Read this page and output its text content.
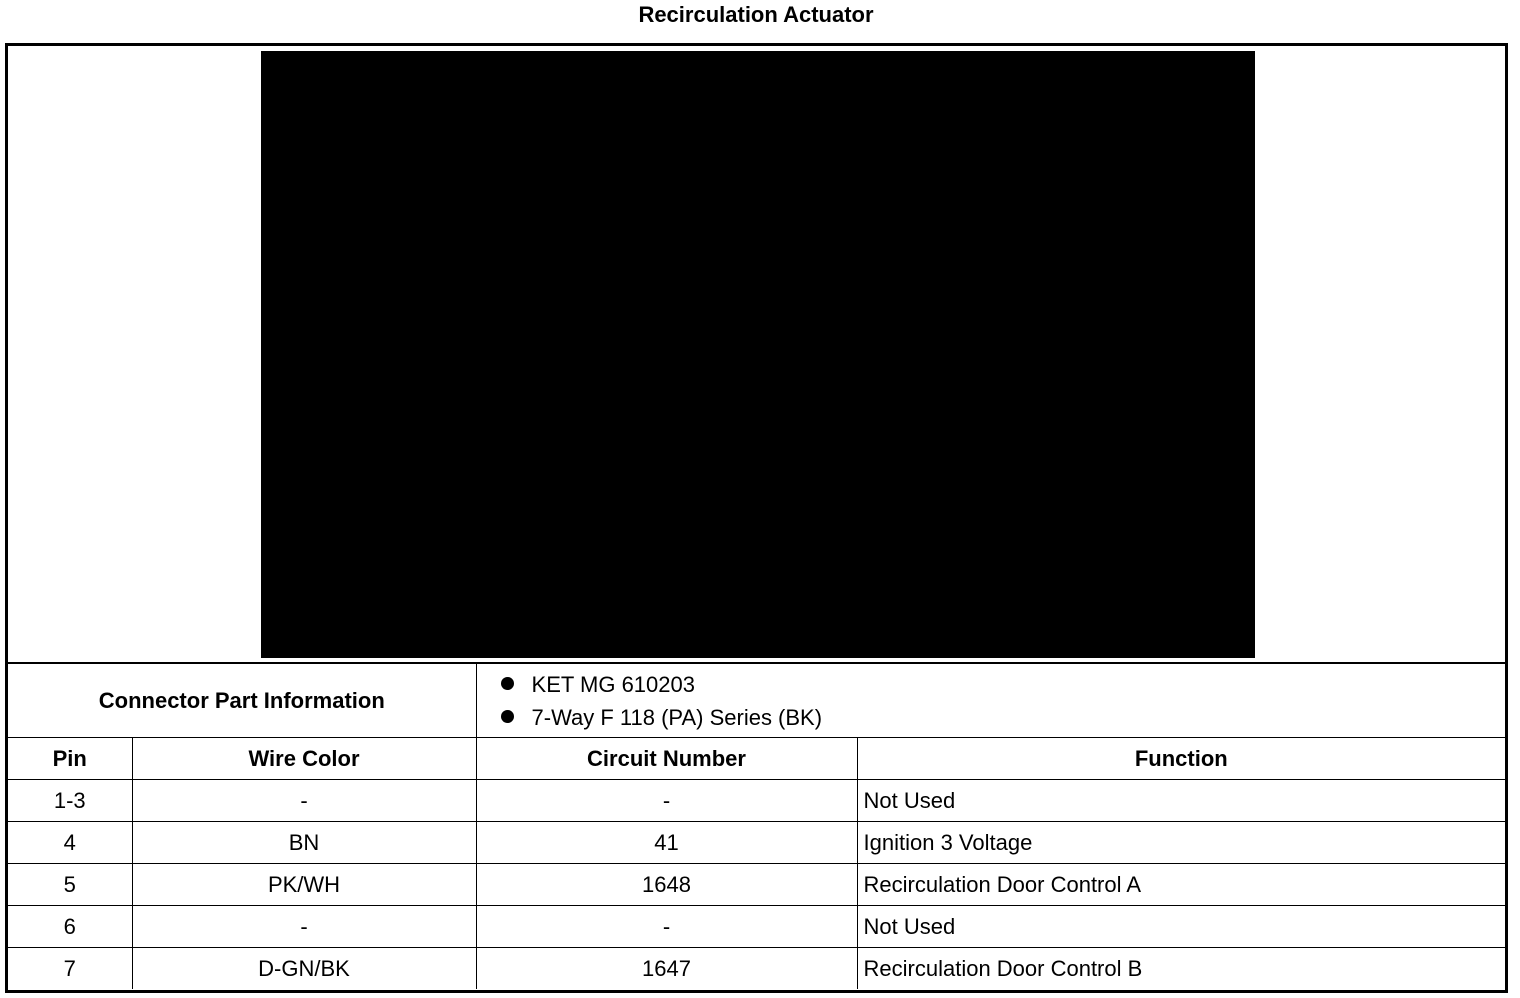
Recirculation Actuator
Connector Part Information		KET MG 610203
7-Way F 118 (PA) Series (BK)	

Pin	Wire Color	Circuit Number	Function
1-3	-	-	Not Used
4	BN	41	Ignition 3 Voltage
5	PK/WH	1648	Recirculation Door Control A
6	-	-	Not Used
7	D-GN/BK	1647	Recirculation Door Control B
